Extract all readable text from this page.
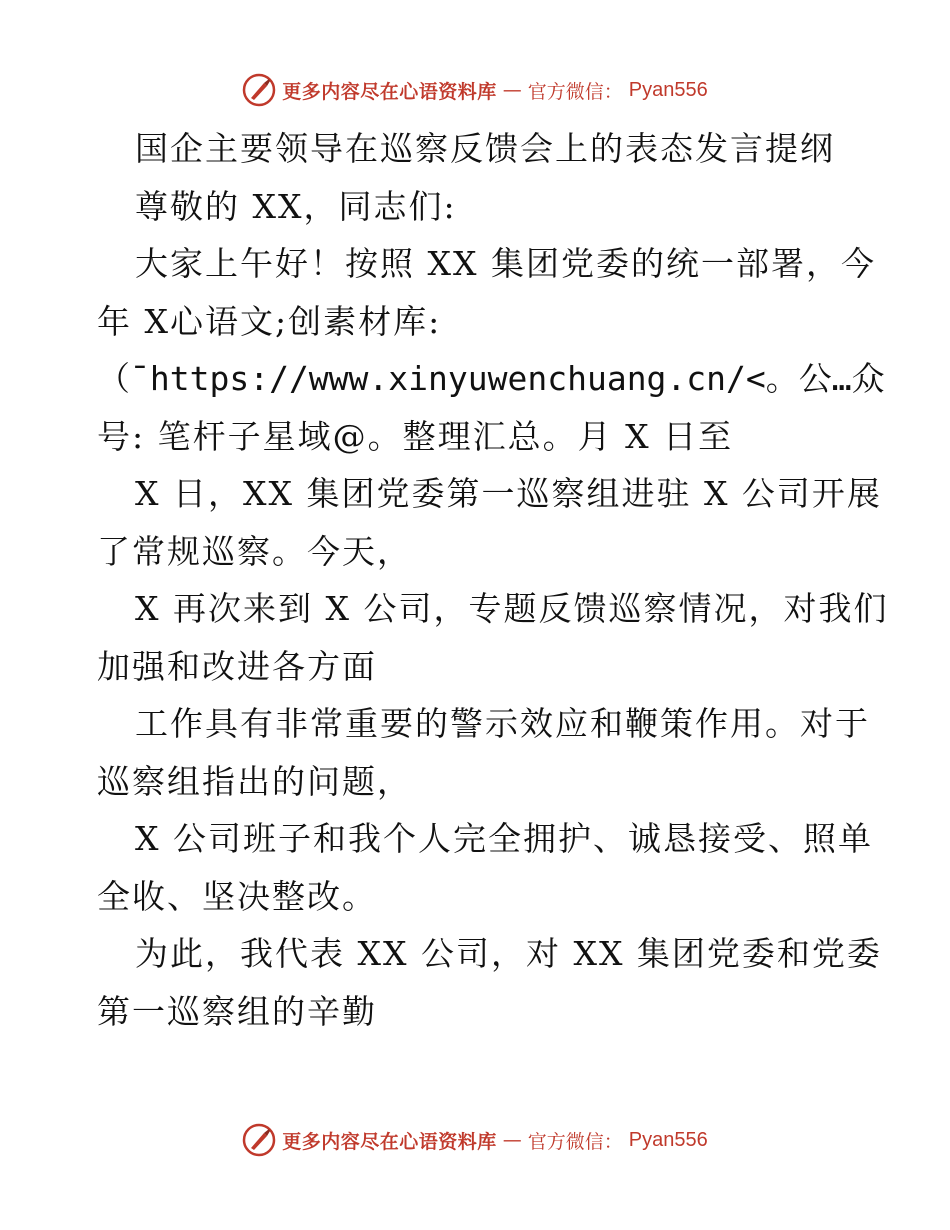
更多内容尽在心语资料库 — 官方微信： Pyan556
国企主要领导在巡察反馈会上的表态发言提纲
尊敬的 XX，同志们:
大家上午好！按照 XX 集团党委的统一部署，今
年 X心语文;创素材库:
（¯https://www.xinyuwenchuang.cn/<。公…众
号: 笔杆子星域@。整理汇总。月 X 日至
X 日，XX 集团党委第一巡察组进驻 X 公司开展
了常规巡察。今天，
X 再次来到 X 公司，专题反馈巡察情况，对我们
加强和改进各方面
工作具有非常重要的警示效应和鞭策作用。对于
巡察组指出的问题，
X 公司班子和我个人完全拥护、诚恳接受、照单
全收、坚决整改。
为此，我代表 XX 公司，对 XX 集团党委和党委
第一巡察组的辛勤
更多内容尽在心语资料库 — 官方微信： Pyan556
